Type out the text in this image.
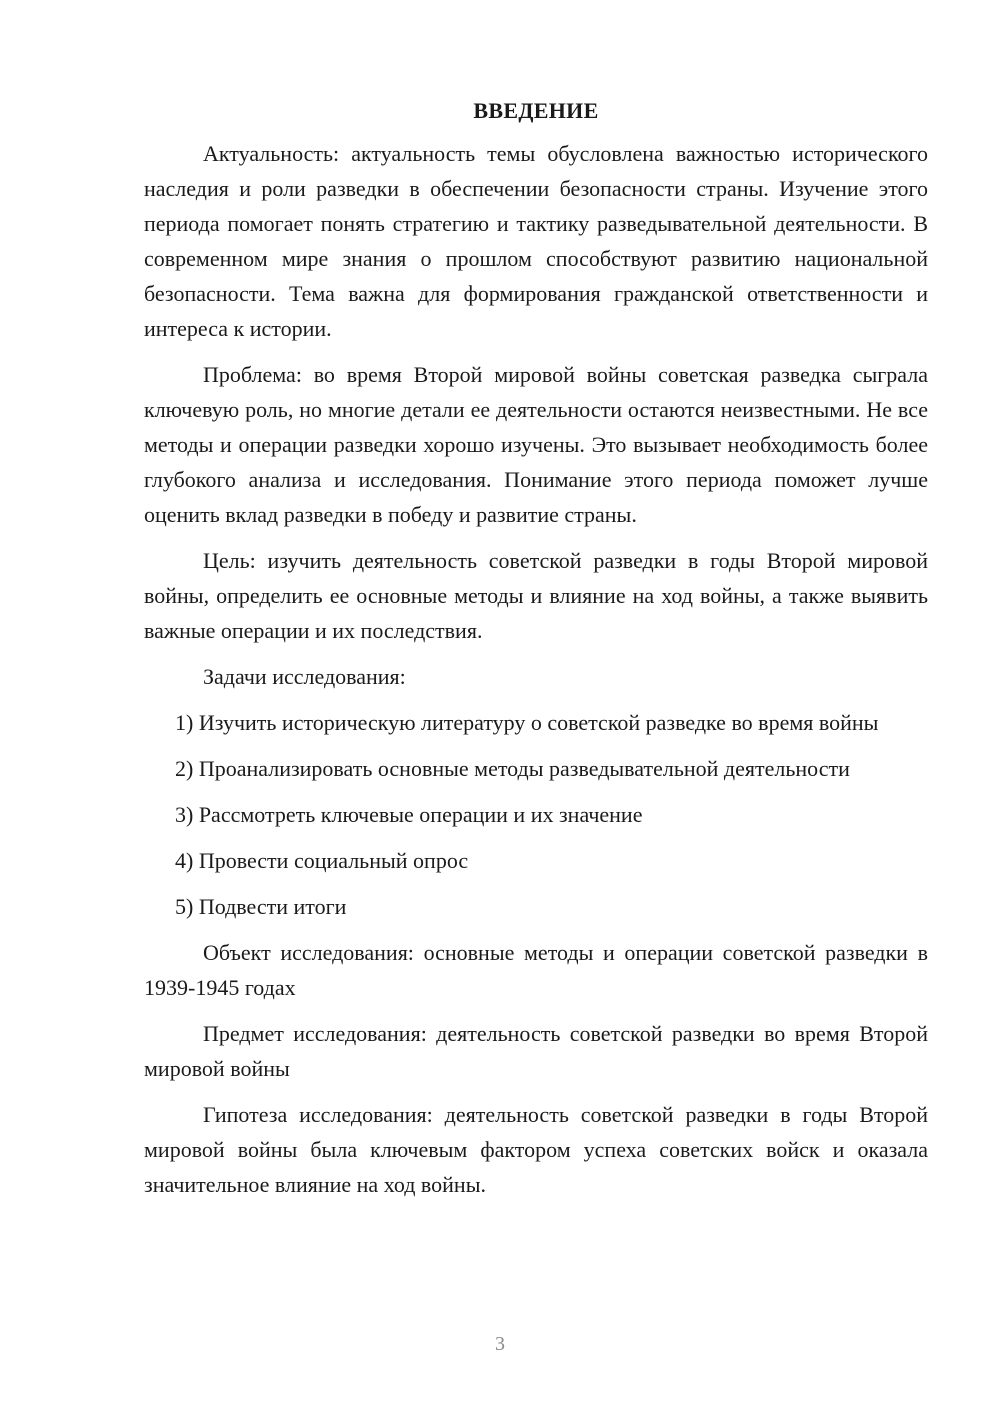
ВВЕДЕНИЕ

Актуальность: актуальность темы обусловлена важностью исторического наследия и роли разведки в обеспечении безопасности страны. Изучение этого периода помогает понять стратегию и тактику разведывательной деятельности. В современном мире знания о прошлом способствуют развитию национальной безопасности. Тема важна для формирования гражданской ответственности и интереса к истории.

Проблема: во время Второй мировой войны советская разведка сыграла ключевую роль, но многие детали ее деятельности остаются неизвестными. Не все методы и операции разведки хорошо изучены. Это вызывает необходимость более глубокого анализа и исследования. Понимание этого периода поможет лучше оценить вклад разведки в победу и развитие страны.

Цель: изучить деятельность советской разведки в годы Второй мировой войны, определить ее основные методы и влияние на ход войны, а также выявить важные операции и их последствия.

Задачи исследования:

1) Изучить историческую литературу о советской разведке во время войны

2) Проанализировать основные методы разведывательной деятельности

3) Рассмотреть ключевые операции и их значение

4) Провести социальный опрос

5) Подвести итоги

Объект исследования: основные методы и операции советской разведки в 1939-1945 годах

Предмет исследования: деятельность советской разведки во время Второй мировой войны

Гипотеза исследования: деятельность советской разведки в годы Второй мировой войны была ключевым фактором успеха советских войск и оказала значительное влияние на ход войны.

3
